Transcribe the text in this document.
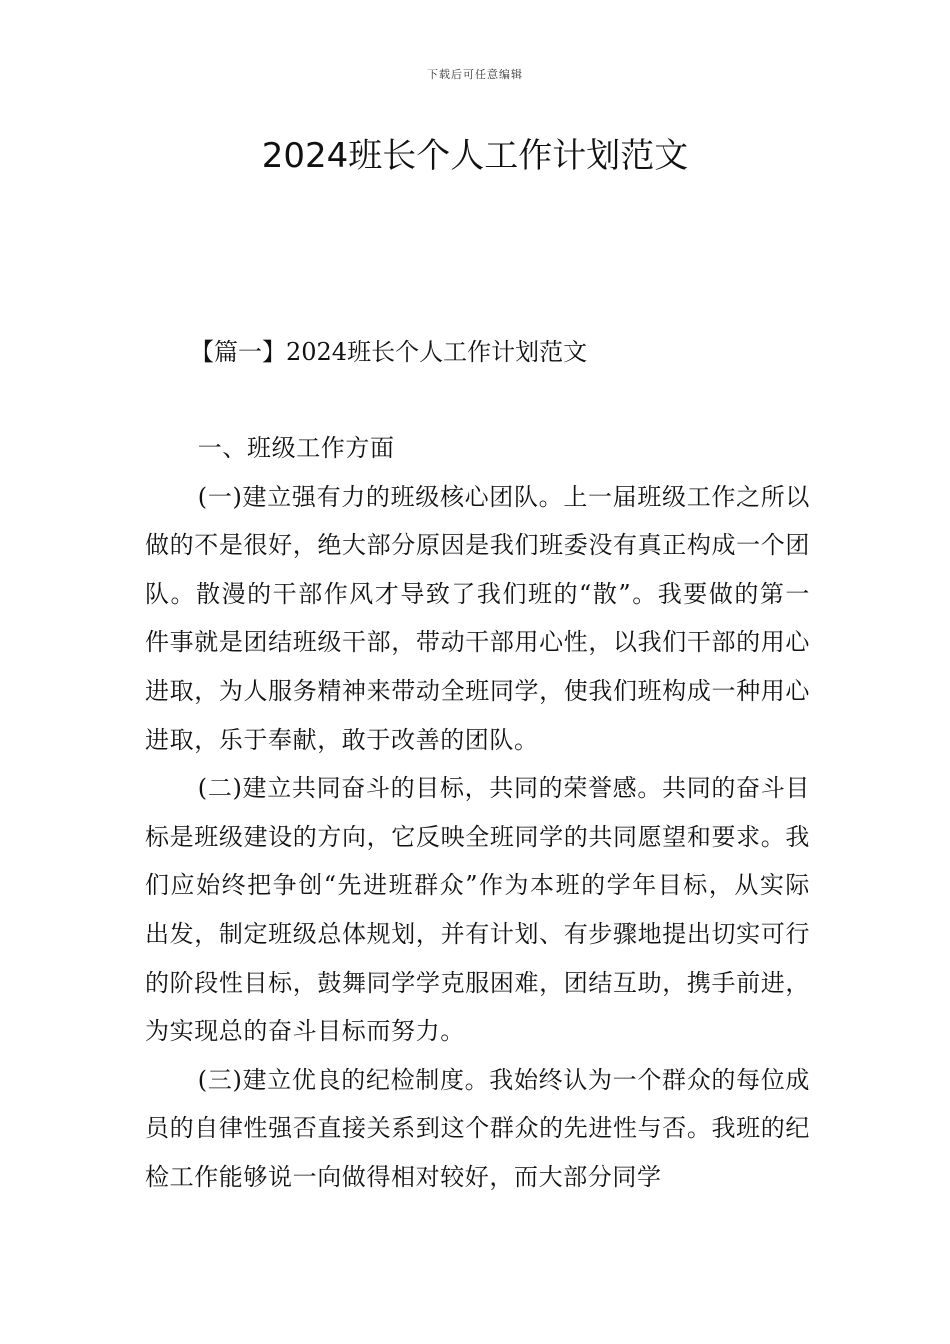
下载后可任意编辑
2024班长个人工作计划范文
【篇一】2024班长个人工作计划范文

一、班级工作方面

(一)建立强有力的班级核心团队。上一届班级工作之所以做的不是很好，绝大部分原因是我们班委没有真正构成一个团队。散漫的干部作风才导致了我们班的“散”。我要做的第一件事就是团结班级干部，带动干部用心性，以我们干部的用心进取，为人服务精神来带动全班同学，使我们班构成一种用心进取，乐于奉献，敢于改善的团队。

(二)建立共同奋斗的目标，共同的荣誉感。共同的奋斗目标是班级建设的方向，它反映全班同学的共同愿望和要求。我们应始终把争创“先进班群众”作为本班的学年目标，从实际出发，制定班级总体规划，并有计划、有步骤地提出切实可行的阶段性目标，鼓舞同学学克服困难，团结互助，携手前进，为实现总的奋斗目标而努力。

(三)建立优良的纪检制度。我始终认为一个群众的每位成员的自律性强否直接关系到这个群众的先进性与否。我班的纪检工作能够说一向做得相对较好，而大部分同学
